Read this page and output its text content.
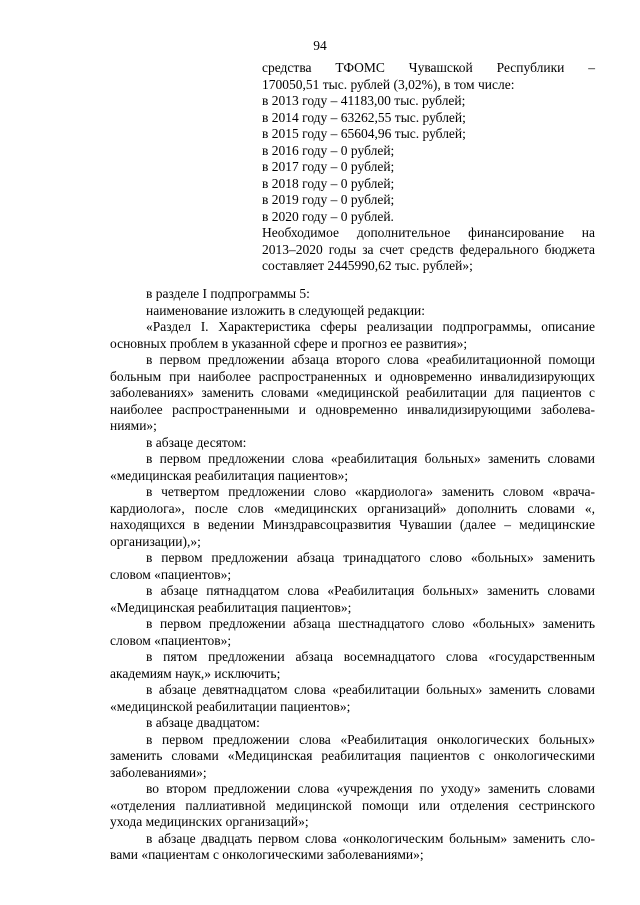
94
средства ТФОМС Чувашской Республики –
170050,51 тыс. рублей (3,02%), в том числе:
в 2013 году – 41183,00 тыс. рублей;
в 2014 году – 63262,55 тыс. рублей;
в 2015 году – 65604,96 тыс. рублей;
в 2016 году – 0 рублей;
в 2017 году – 0 рублей;
в 2018 году – 0 рублей;
в 2019 году – 0 рублей;
в 2020 году – 0 рублей.
Необходимое дополнительное финансирование на
2013–2020 годы за счет средств федерального бюджета
составляет 2445990,62 тыс. рублей»;
в разделе I подпрограммы 5:
наименование изложить в следующей редакции:
«Раздел I. Характеристика сферы реализации подпрограммы, описание
основных проблем в указанной сфере и прогноз ее развития»;
в первом предложении абзаца второго слова «реабилитационной помощи
больным при наиболее распространенных и одновременно инвалидизирующих
заболеваниях» заменить словами «медицинской реабилитации для пациентов с
наиболее распространенными и одновременно инвалидизирующими заболева-
ниями»;
в абзаце десятом:
в первом предложении слова «реабилитация больных» заменить словами
«медицинская реабилитация пациентов»;
в четвертом предложении слово «кардиолога» заменить словом «врача-
кардиолога», после слов «медицинских организаций» дополнить словами «,
находящихся в ведении Минздравсоцразвития Чувашии (далее – медицинские
организации),»;
в первом предложении абзаца тринадцатого слово «больных» заменить
словом «пациентов»;
в абзаце пятнадцатом слова «Реабилитация больных» заменить словами
«Медицинская реабилитация пациентов»;
в первом предложении абзаца шестнадцатого слово «больных» заменить
словом «пациентов»;
в пятом предложении абзаца восемнадцатого слова «государственным
академиям наук,» исключить;
в абзаце девятнадцатом слова «реабилитации больных» заменить словами
«медицинской реабилитации пациентов»;
в абзаце двадцатом:
в первом предложении слова «Реабилитация онкологических больных»
заменить словами «Медицинская реабилитация пациентов с онкологическими
заболеваниями»;
во втором предложении слова «учреждения по уходу» заменить словами
«отделения паллиативной медицинской помощи или отделения сестринского
ухода медицинских организаций»;
в абзаце двадцать первом слова «онкологическим больным» заменить сло-
вами «пациентам с онкологическими заболеваниями»;
